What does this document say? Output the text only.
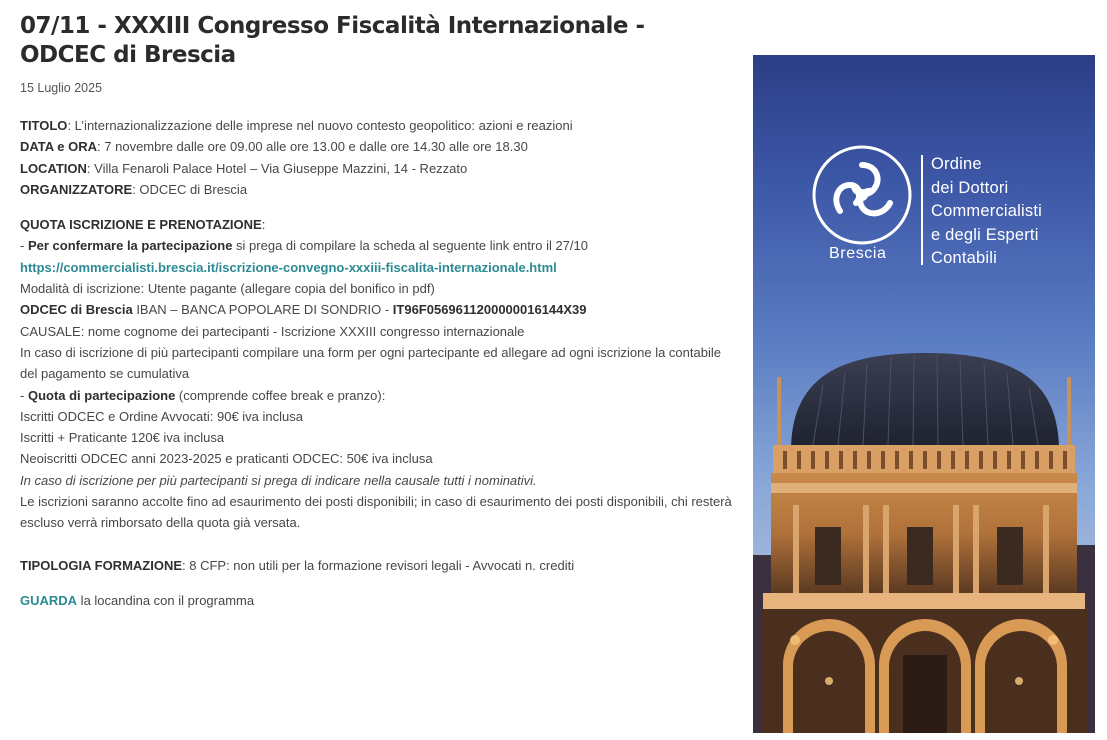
07/11 - XXXIII Congresso Fiscalità Internazionale - ODCEC di Brescia
15 Luglio 2025

TITOLO: L’internazionalizzazione delle imprese nel nuovo contesto geopolitico: azioni e reazioni

DATA e ORA: 7 novembre dalle ore 09.00 alle ore 13.00 e dalle ore 14.30 alle ore 18.30

LOCATION: Villa Fenaroli Palace Hotel – Via Giuseppe Mazzini, 14 - Rezzato

ORGANIZZATORE: ODCEC di Brescia

QUOTA ISCRIZIONE E PRENOTAZIONE:

- Per confermare la partecipazione si prega di compilare la scheda al seguente link entro il 27/10

https://commercialisti.brescia.it/iscrizione-convegno-xxxiii-fiscalita-internazionale.html

Modalità di iscrizione: Utente pagante (allegare copia del bonifico in pdf)

ODCEC di Brescia IBAN – BANCA POPOLARE DI SONDRIO - IT96F0569611200000016144X39

CAUSALE: nome cognome dei partecipanti - Iscrizione XXXIII congresso internazionale

In caso di iscrizione di più partecipanti compilare una form per ogni partecipante ed allegare ad ogni iscrizione la contabile del pagamento se cumulativa

- Quota di partecipazione (comprende coffee break e pranzo):

Iscritti ODCEC e Ordine Avvocati: 90€ iva inclusa

Iscritti + Praticante 120€ iva inclusa

Neoiscritti ODCEC anni 2023-2025 e praticanti ODCEC: 50€ iva inclusa

In caso di iscrizione per più partecipanti si prega di indicare nella causale tutti i nominativi.

Le iscrizioni saranno accolte fino ad esaurimento dei posti disponibili; in caso di esaurimento dei posti disponibili, chi resterà escluso verrà rimborsato della quota già versata.

TIPOLOGIA FORMAZIONE: 8 CFP: non utili per la formazione revisori legali - Avvocati n. crediti

GUARDA la locandina con il programma

Ordine
dei Dottori
Commercialisti
e degli Esperti
Contabili
Brescia
